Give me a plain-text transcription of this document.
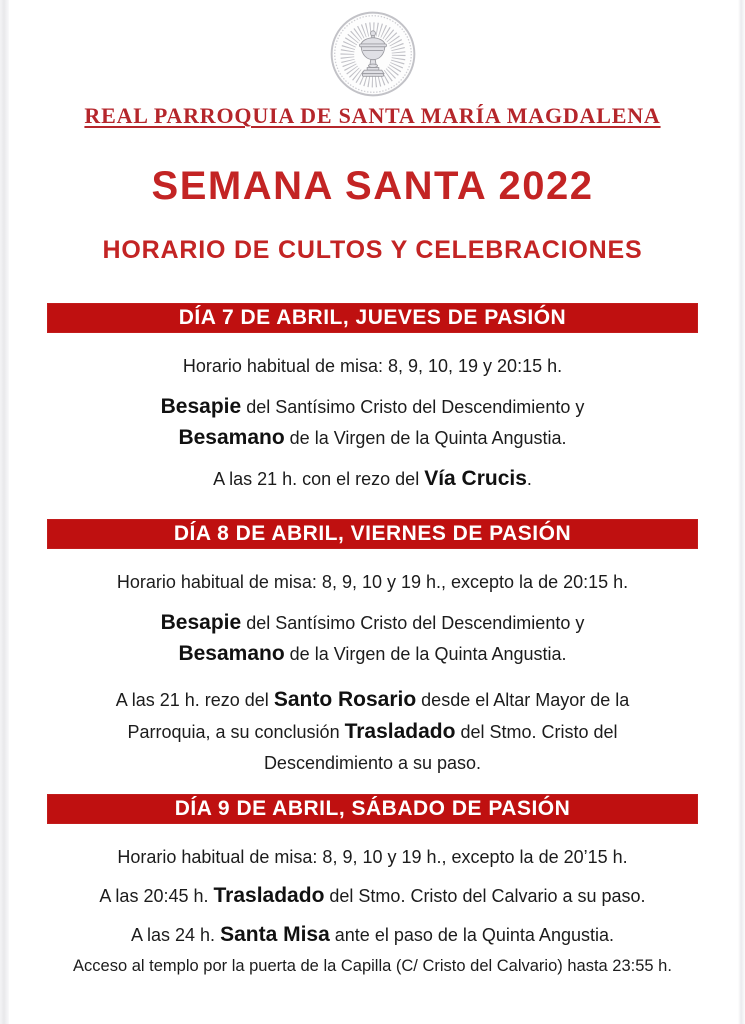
REAL PARROQUIA DE SANTA MARÍA MAGDALENA
SEMANA SANTA 2022
HORARIO DE CULTOS Y CELEBRACIONES
DÍA 7 DE ABRIL, JUEVES DE PASIÓN

Horario habitual de misa: 8, 9, 10, 19 y 20:15 h.

Besapie del Santísimo Cristo del Descendimiento y

Besamano de la Virgen de la Quinta Angustia.

A las 21 h. con el rezo del Vía Crucis.

DÍA 8 DE ABRIL, VIERNES DE PASIÓN

Horario habitual de misa: 8, 9, 10 y 19 h., excepto la de 20:15 h.

Besapie del Santísimo Cristo del Descendimiento y

Besamano de la Virgen de la Quinta Angustia.

A las 21 h. rezo del Santo Rosario desde el Altar Mayor de la Parroquia, a su conclusión Trasladado del Stmo. Cristo del Descendimiento a su paso.

DÍA 9 DE ABRIL, SÁBADO DE PASIÓN

Horario habitual de misa: 8, 9, 10 y 19 h., excepto la de 20’15 h.

A las 20:45 h. Trasladado del Stmo. Cristo del Calvario a su paso.

A las 24 h. Santa Misa ante el paso de la Quinta Angustia.

Acceso al templo por la puerta de la Capilla (C/ Cristo del Calvario) hasta 23:55 h.
